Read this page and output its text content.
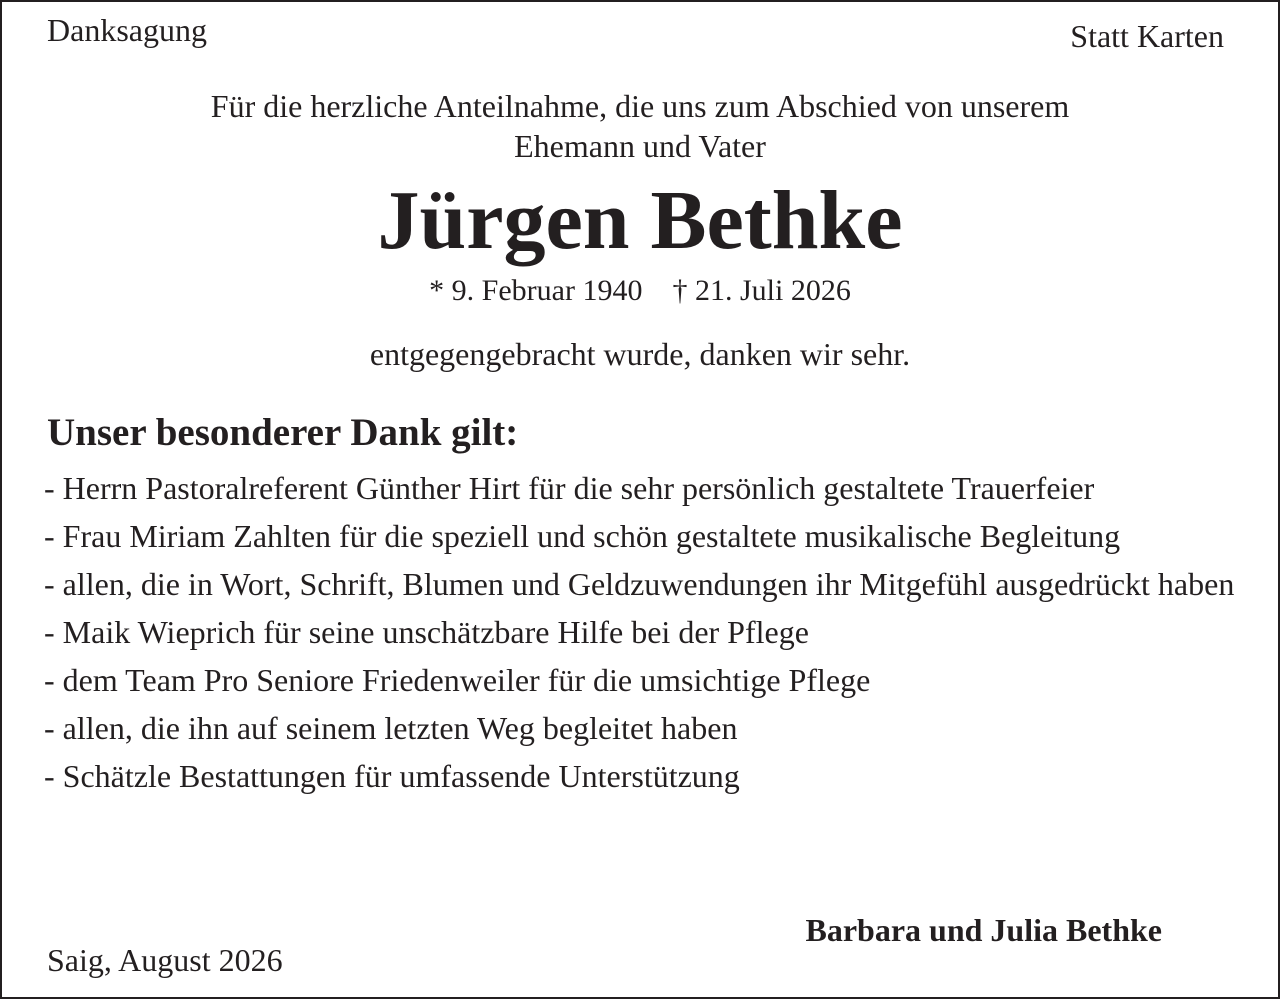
Danksagung	Statt Karten
Für die herzliche Anteilnahme, die uns zum Abschied von unserem
Ehemann und Vater
Jürgen Bethke
* 9. Februar 1940 † 21. Juli 2026
entgegengebracht wurde, danken wir sehr.
Unser besonderer Dank gilt:
- Herrn Pastoralreferent Günther Hirt für die sehr persönlich gestaltete Trauerfeier
- Frau Miriam Zahlten für die speziell und schön gestaltete musikalische Begleitung
- allen, die in Wort, Schrift, Blumen und Geldzuwendungen ihr Mitgefühl ausgedrückt haben
- Maik Wieprich für seine unschätzbare Hilfe bei der Pflege
- dem Team Pro Seniore Friedenweiler für die umsichtige Pflege
- allen, die ihn auf seinem letzten Weg begleitet haben
- Schätzle Bestattungen für umfassende Unterstützung
Barbara und Julia Bethke
Saig, August 2026
